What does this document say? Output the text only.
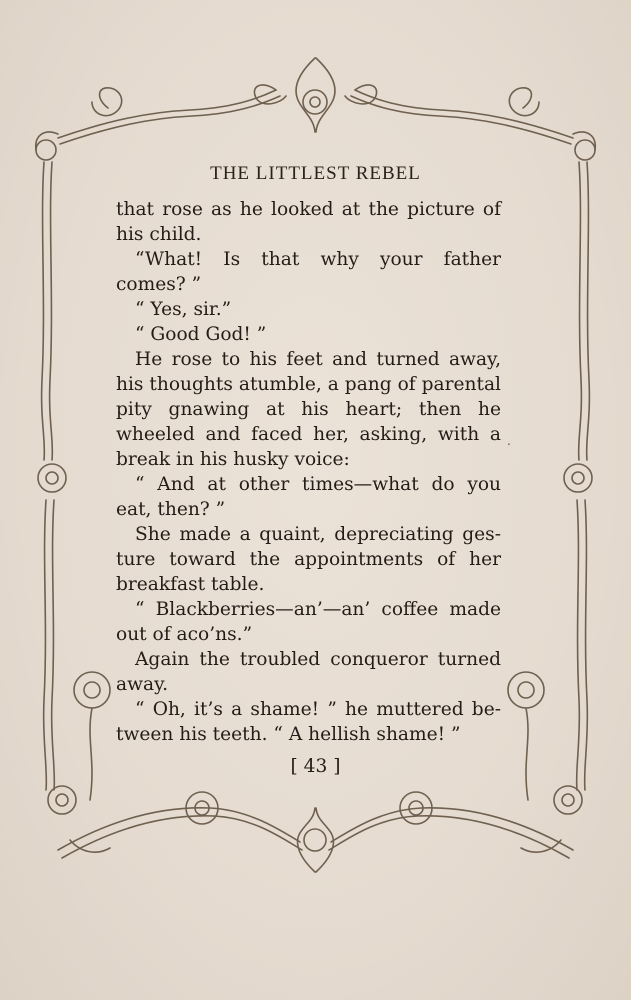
THE LITTLEST REBEL
that rose as he looked at the picture of
his child.
“What! Is that why your father
comes? ”
“ Yes, sir.”
“ Good God! ”
He rose to his feet and turned away,
his thoughts atumble, a pang of parental
pity gnawing at his heart; then he
wheeled and faced her, asking, with a
break in his husky voice:
“ And at other times—what do you
eat, then? ”
She made a quaint, depreciating ges-
ture toward the appointments of her
breakfast table.
“ Blackberries—an’—an’ coffee made
out of aco’ns.”
Again the troubled conqueror turned
away.
“ Oh, it’s a shame! ” he muttered be-
tween his teeth. “ A hellish shame! ”
.
[ 43 ]
